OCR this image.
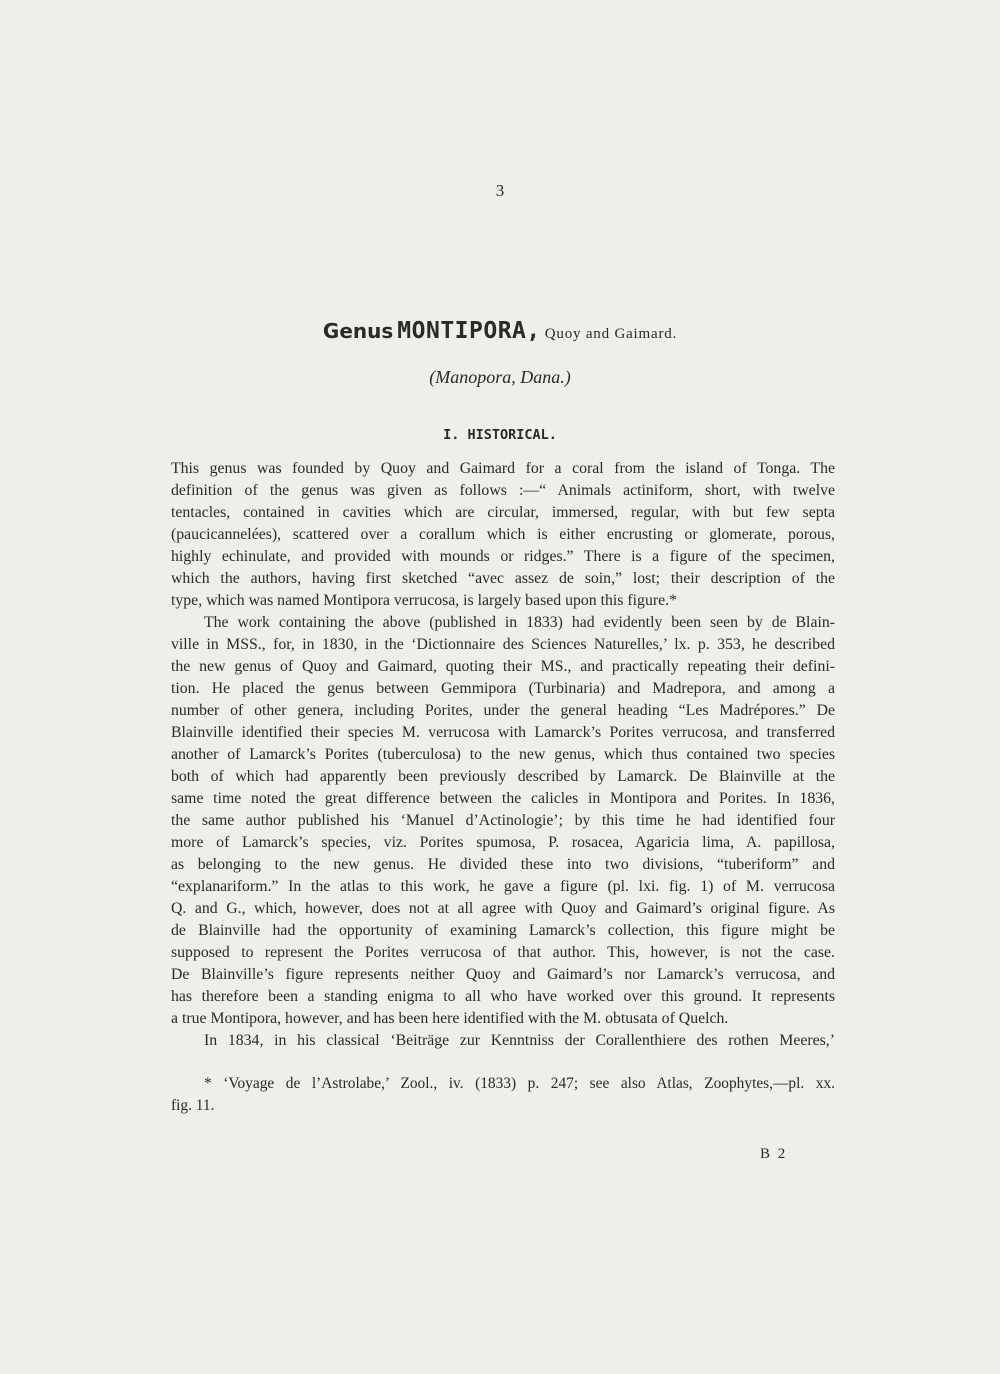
3
Genus MONTIPORA, Quoy and Gaimard.
(Manopora, Dana.)
I. HISTORICAL.
This genus was founded by Quoy and Gaimard for a coral from the island of Tonga. The
definition of the genus was given as follows :—“ Animals actiniform, short, with twelve
tentacles, contained in cavities which are circular, immersed, regular, with but few septa
(paucicannelées), scattered over a corallum which is either encrusting or glomerate, porous,
highly echinulate, and provided with mounds or ridges.” There is a figure of the specimen,
which the authors, having first sketched “avec assez de soin,” lost; their description of the
type, which was named Montipora verrucosa, is largely based upon this figure.*
The work containing the above (published in 1833) had evidently been seen by de Blain-
ville in MSS., for, in 1830, in the ‘Dictionnaire des Sciences Naturelles,’ lx. p. 353, he described
the new genus of Quoy and Gaimard, quoting their MS., and practically repeating their defini-
tion. He placed the genus between Gemmipora (Turbinaria) and Madrepora, and among a
number of other genera, including Porites, under the general heading “Les Madrépores.” De
Blainville identified their species M. verrucosa with Lamarck’s Porites verrucosa, and transferred
another of Lamarck’s Porites (tuberculosa) to the new genus, which thus contained two species
both of which had apparently been previously described by Lamarck. De Blainville at the
same time noted the great difference between the calicles in Montipora and Porites. In 1836,
the same author published his ‘Manuel d’Actinologie’; by this time he had identified four
more of Lamarck’s species, viz. Porites spumosa, P. rosacea, Agaricia lima, A. papillosa,
as belonging to the new genus. He divided these into two divisions, “tuberiform” and
“explanariform.” In the atlas to this work, he gave a figure (pl. lxi. fig. 1) of M. verrucosa
Q. and G., which, however, does not at all agree with Quoy and Gaimard’s original figure. As
de Blainville had the opportunity of examining Lamarck’s collection, this figure might be
supposed to represent the Porites verrucosa of that author. This, however, is not the case.
De Blainville’s figure represents neither Quoy and Gaimard’s nor Lamarck’s verrucosa, and
has therefore been a standing enigma to all who have worked over this ground. It represents
a true Montipora, however, and has been here identified with the M. obtusata of Quelch.
In 1834, in his classical ‘Beiträge zur Kenntniss der Corallenthiere des rothen Meeres,’
* ‘Voyage de l’Astrolabe,’ Zool., iv. (1833) p. 247; see also Atlas, Zoophytes,—pl. xx.
fig. 11.
B 2
